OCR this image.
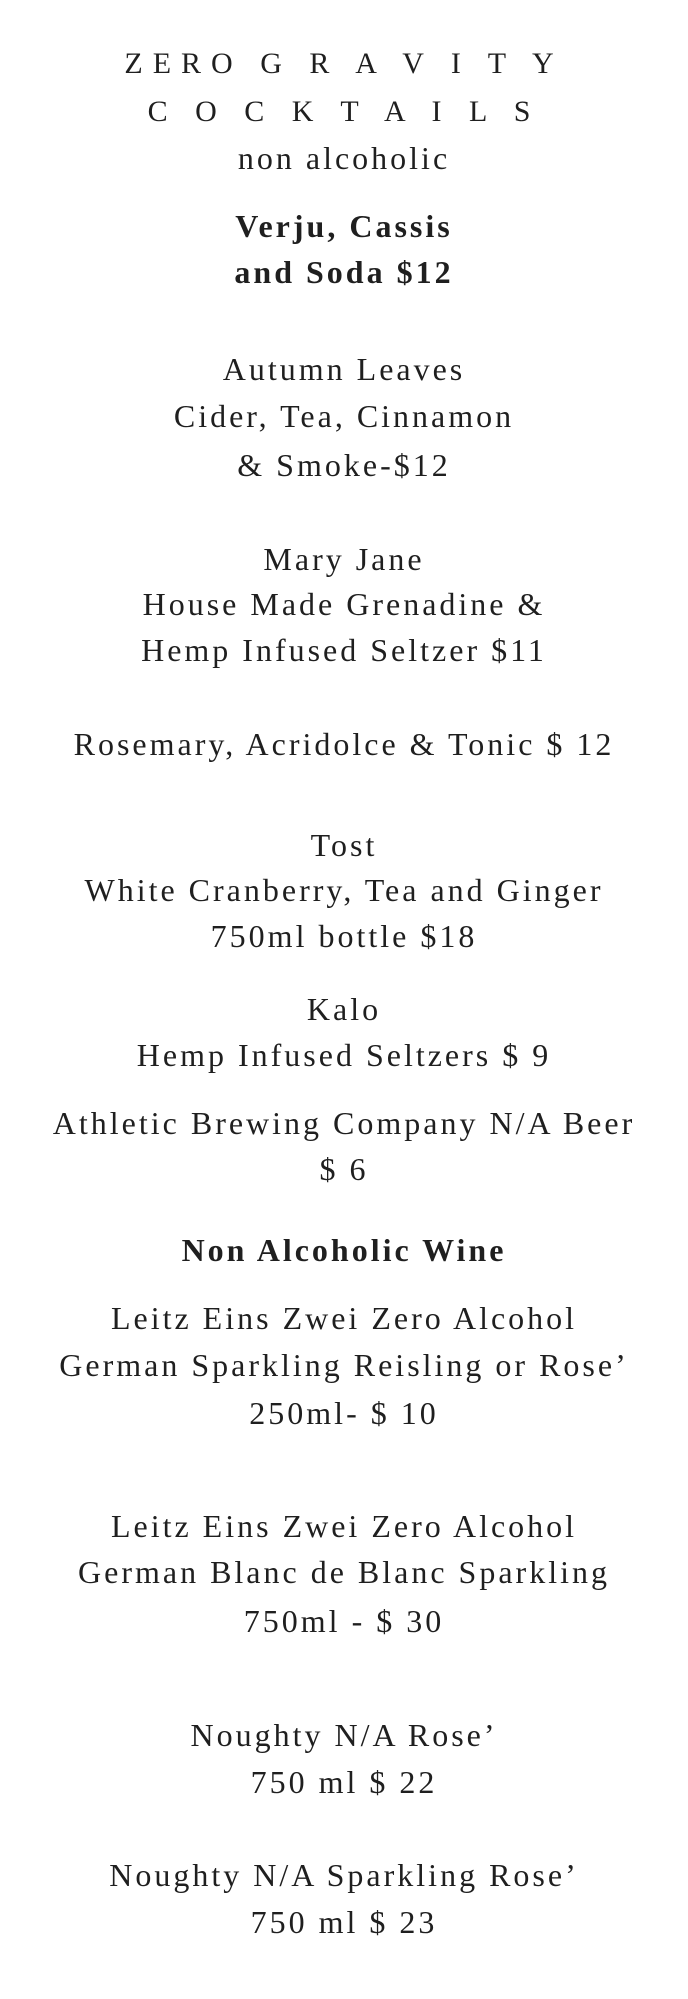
ZERO G R A V I T Y
C O C K T A I L S
non alcoholic
Verju, Cassis
and Soda $12
Autumn Leaves
Cider, Tea, Cinnamon
& Smoke-$12
Mary Jane
House Made Grenadine &
Hemp Infused Seltzer $11
Rosemary, Acridolce & Tonic $ 12
Tost
White Cranberry, Tea and Ginger
750ml bottle $18
Kalo
Hemp Infused Seltzers $ 9
Athletic Brewing Company N/A Beer
$ 6
Non Alcoholic Wine
Leitz Eins Zwei Zero Alcohol
German Sparkling Reisling or Rose’
250ml- $ 10
Leitz Eins Zwei Zero Alcohol
German Blanc de Blanc Sparkling
750ml - $ 30
Noughty N/A Rose’
750 ml $ 22
Noughty N/A Sparkling Rose’
750 ml $ 23
